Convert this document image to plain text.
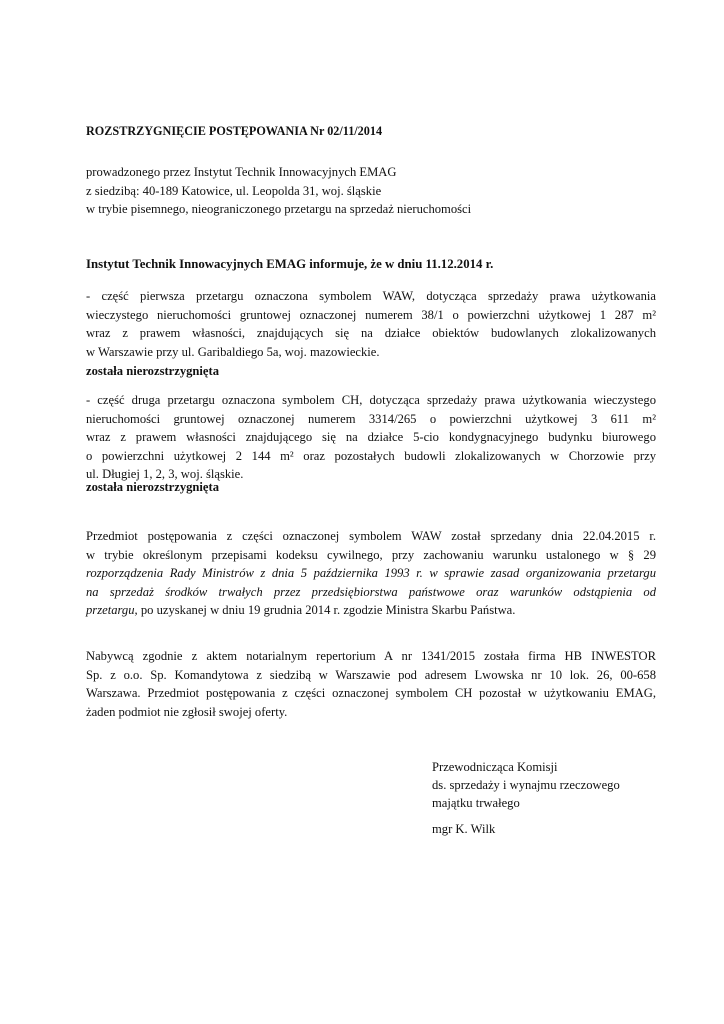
ROZSTRZYGNIĘCIE POSTĘPOWANIA Nr 02/11/2014
prowadzonego przez Instytut Technik Innowacyjnych EMAG
z siedzibą: 40-189 Katowice, ul. Leopolda 31, woj. śląskie
w trybie pisemnego, nieograniczonego przetargu na sprzedaż nieruchomości
Instytut Technik Innowacyjnych EMAG informuje, że w dniu 11.12.2014 r.
- część pierwsza przetargu oznaczona symbolem WAW, dotycząca sprzedaży prawa użytkowania
wieczystego nieruchomości gruntowej oznaczonej numerem 38/1 o powierzchni użytkowej 1 287 m²
wraz z prawem własności, znajdujących się na działce obiektów budowlanych zlokalizowanych
w Warszawie przy ul. Garibaldiego 5a, woj. mazowieckie.
została nierozstrzygnięta
- część druga przetargu oznaczona symbolem CH, dotycząca sprzedaży prawa użytkowania wieczystego
nieruchomości gruntowej oznaczonej numerem 3314/265 o powierzchni użytkowej 3 611 m²
wraz z prawem własności znajdującego się na działce 5-cio kondygnacyjnego budynku biurowego
o powierzchni użytkowej 2 144 m² oraz pozostałych budowli zlokalizowanych w Chorzowie przy
ul. Długiej 1, 2, 3, woj. śląskie.
została nierozstrzygnięta
Przedmiot postępowania z części oznaczonej symbolem WAW został sprzedany dnia 22.04.2015 r.
w trybie określonym przepisami kodeksu cywilnego, przy zachowaniu warunku ustalonego w § 29
rozporządzenia Rady Ministrów z dnia 5 października 1993 r. w sprawie zasad organizowania przetargu
na sprzedaż środków trwałych przez przedsiębiorstwa państwowe oraz warunków odstąpienia od
przetargu, po uzyskanej w dniu 19 grudnia 2014 r. zgodzie Ministra Skarbu Państwa.
Nabywcą zgodnie z aktem notarialnym repertorium A nr 1341/2015 została firma HB INWESTOR
Sp. z o.o. Sp. Komandytowa z siedzibą w Warszawie pod adresem Lwowska nr 10 lok. 26, 00-658
Warszawa. Przedmiot postępowania z części oznaczonej symbolem CH pozostał w użytkowaniu EMAG,
żaden podmiot nie zgłosił swojej oferty.
Przewodnicząca Komisji
ds. sprzedaży i wynajmu rzeczowego
majątku trwałego
mgr K. Wilk
